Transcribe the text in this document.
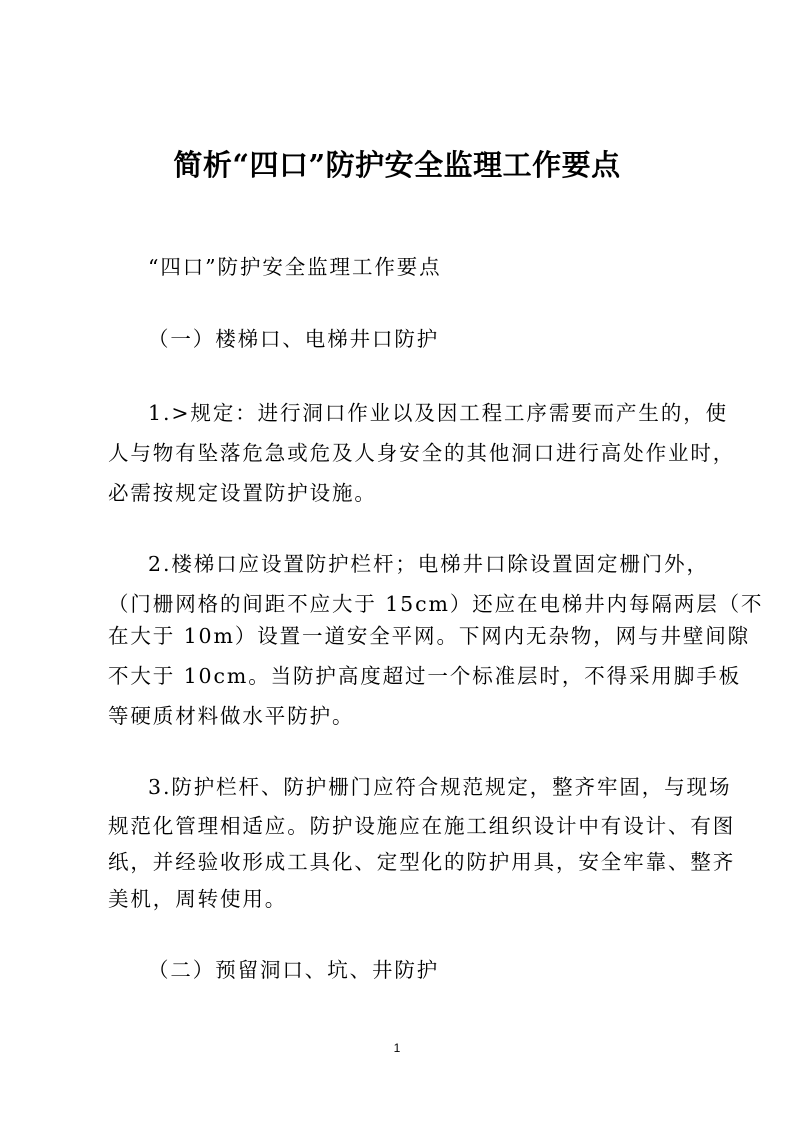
简析“四口”防护安全监理工作要点
“四口”防护安全监理工作要点
（一）楼梯口、电梯井口防护
1.>规定：进行洞口作业以及因工程工序需要而产生的，使
人与物有坠落危急或危及人身安全的其他洞口进行高处作业时，
必需按规定设置防护设施。
2.楼梯口应设置防护栏杆；电梯井口除设置固定栅门外，
（门栅网格的间距不应大于 15cm）还应在电梯井内每隔两层（不
在大于 10m）设置一道安全平网。下网内无杂物，网与井壁间隙
不大于 10cm。当防护高度超过一个标准层时，不得采用脚手板
等硬质材料做水平防护。
3.防护栏杆、防护栅门应符合规范规定，整齐牢固，与现场
规范化管理相适应。防护设施应在施工组织设计中有设计、有图
纸，并经验收形成工具化、定型化的防护用具，安全牢靠、整齐
美机，周转使用。
（二）预留洞口、坑、井防护
1
